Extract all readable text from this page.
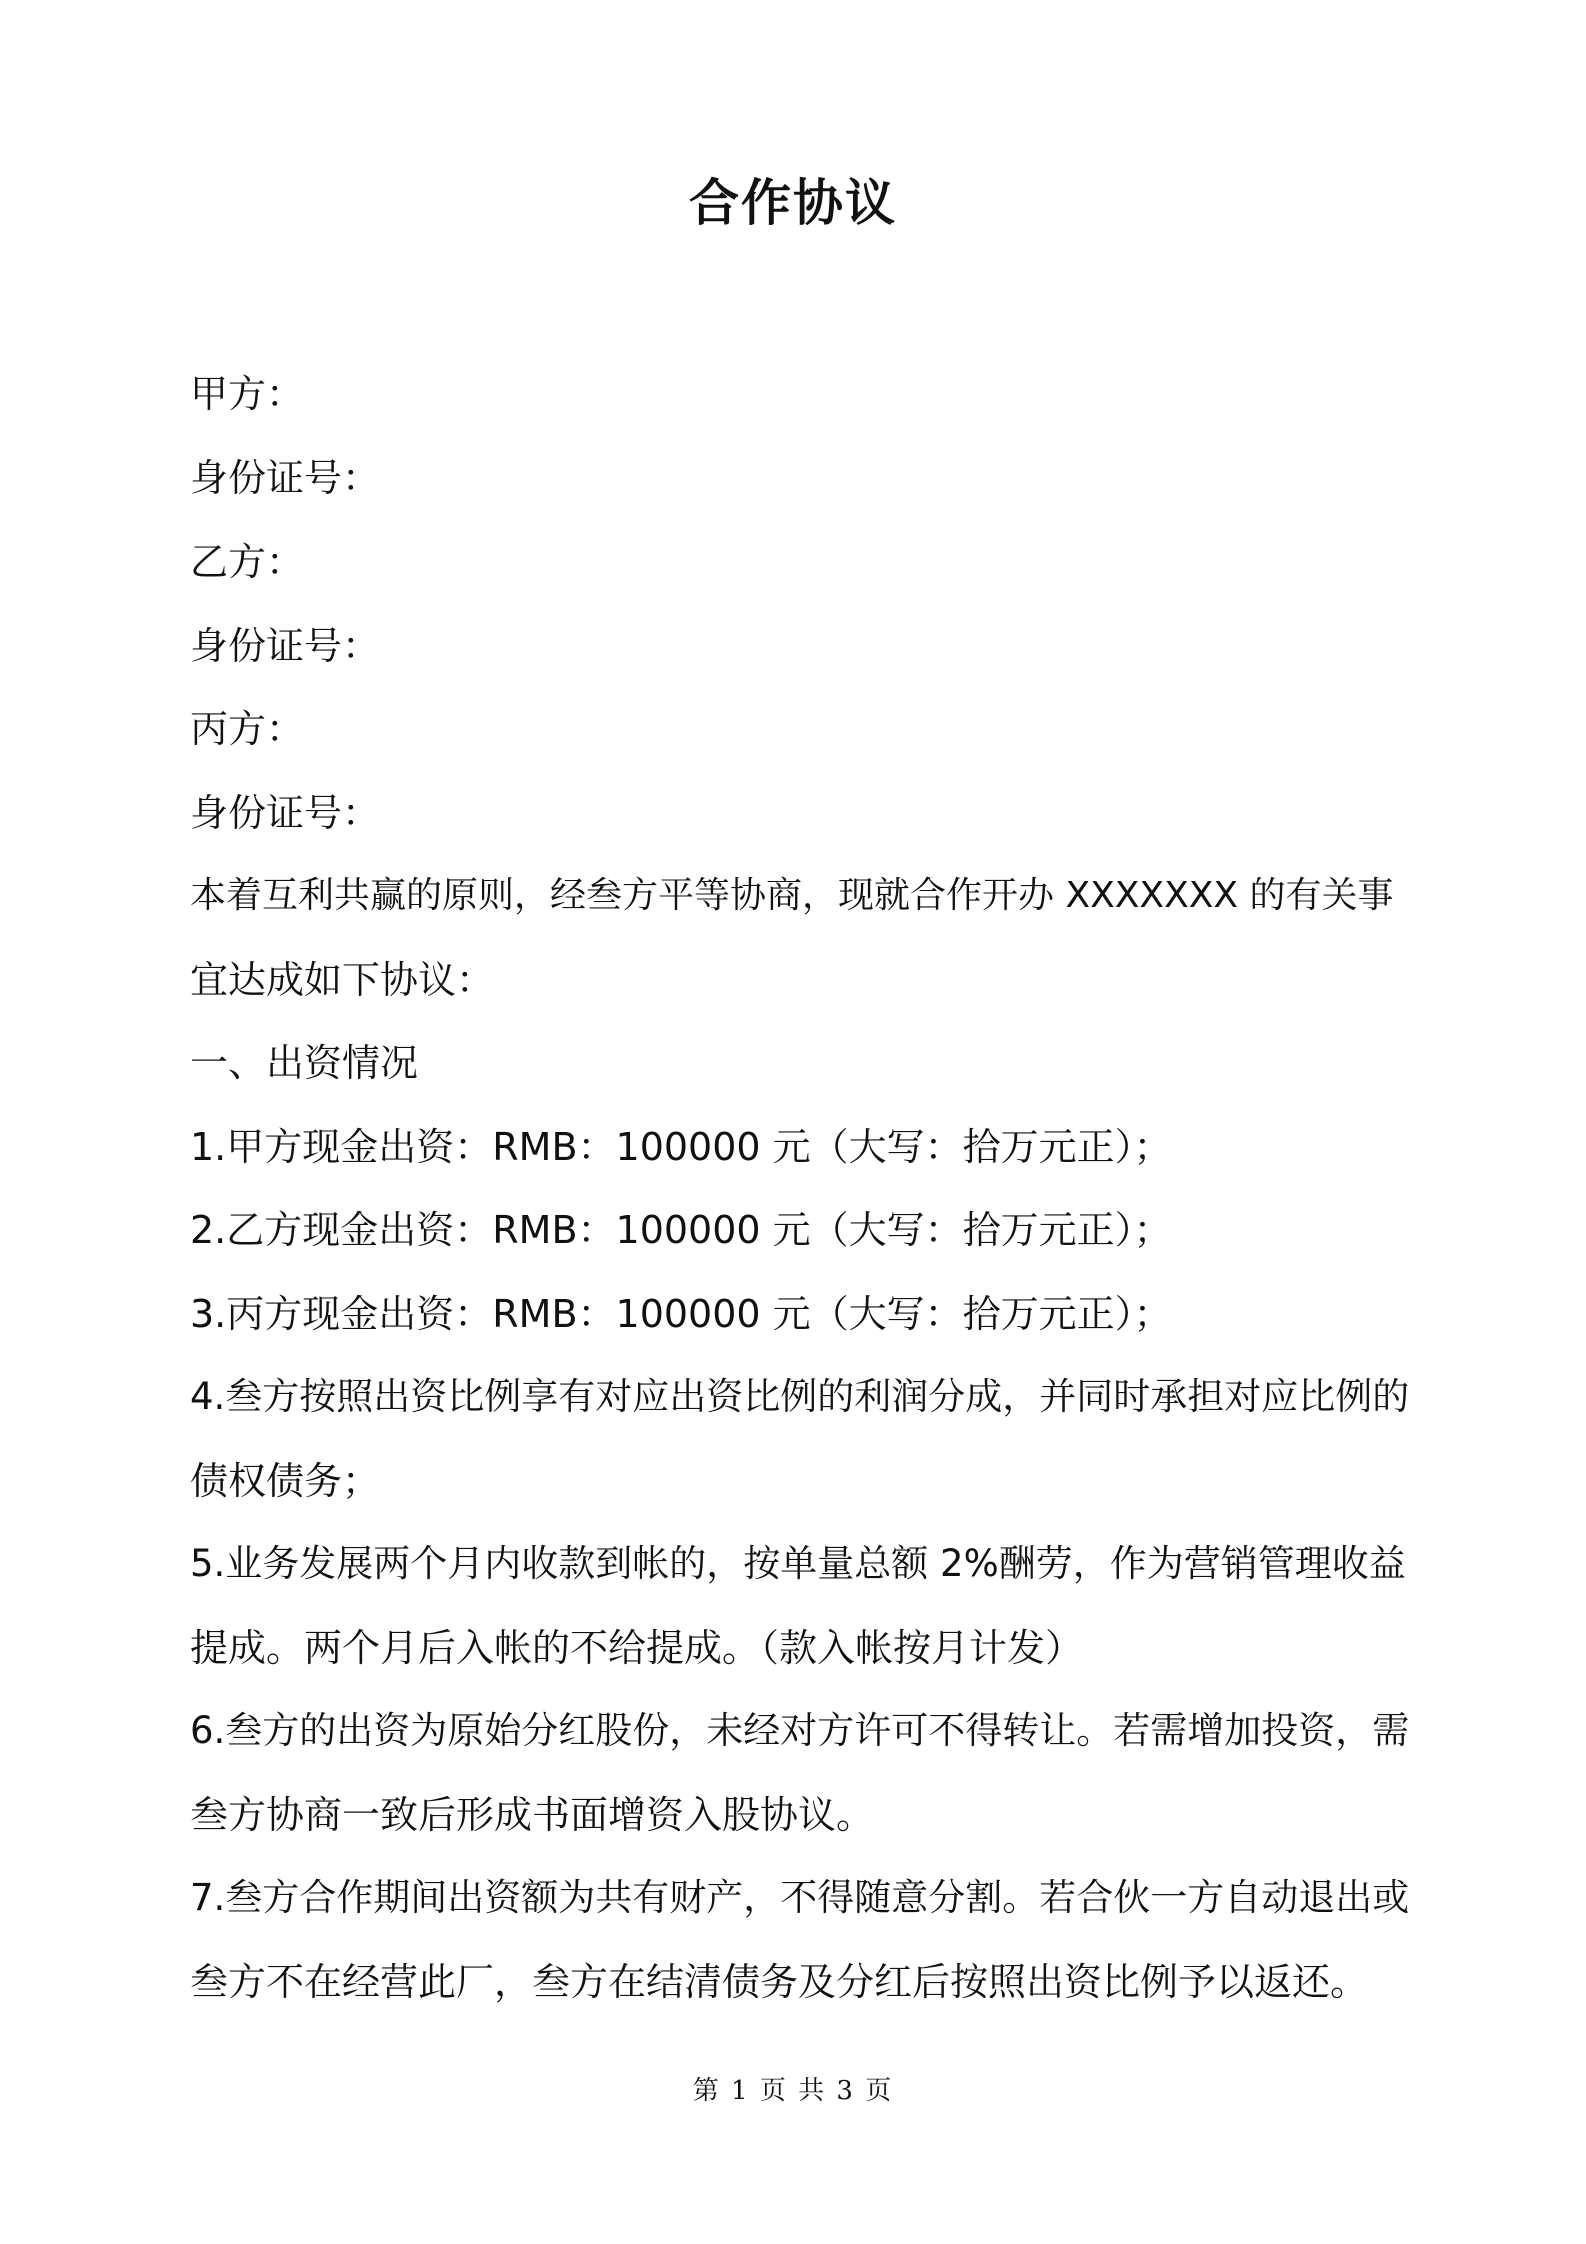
合作协议
甲方：
身份证号：
乙方：
身份证号：
丙方：
身份证号：
本着互利共赢的原则，经叁方平等协商，现就合作开办 XXXXXXX 的有关事
宜达成如下协议：
一、出资情况
1.甲方现金出资：RMB：100000 元（大写：拾万元正）；
2.乙方现金出资：RMB：100000 元（大写：拾万元正）；
3.丙方现金出资：RMB：100000 元（大写：拾万元正）；
4.叁方按照出资比例享有对应出资比例的利润分成，并同时承担对应比例的
债权债务；
5.业务发展两个月内收款到帐的，按单量总额 2%酬劳，作为营销管理收益
提成。两个月后入帐的不给提成。（款入帐按月计发）
6.叁方的出资为原始分红股份，未经对方许可不得转让。若需增加投资，需
叁方协商一致后形成书面增资入股协议。
7.叁方合作期间出资额为共有财产，不得随意分割。若合伙一方自动退出或
叁方不在经营此厂，叁方在结清债务及分红后按照出资比例予以返还。
第 1 页 共 3 页
